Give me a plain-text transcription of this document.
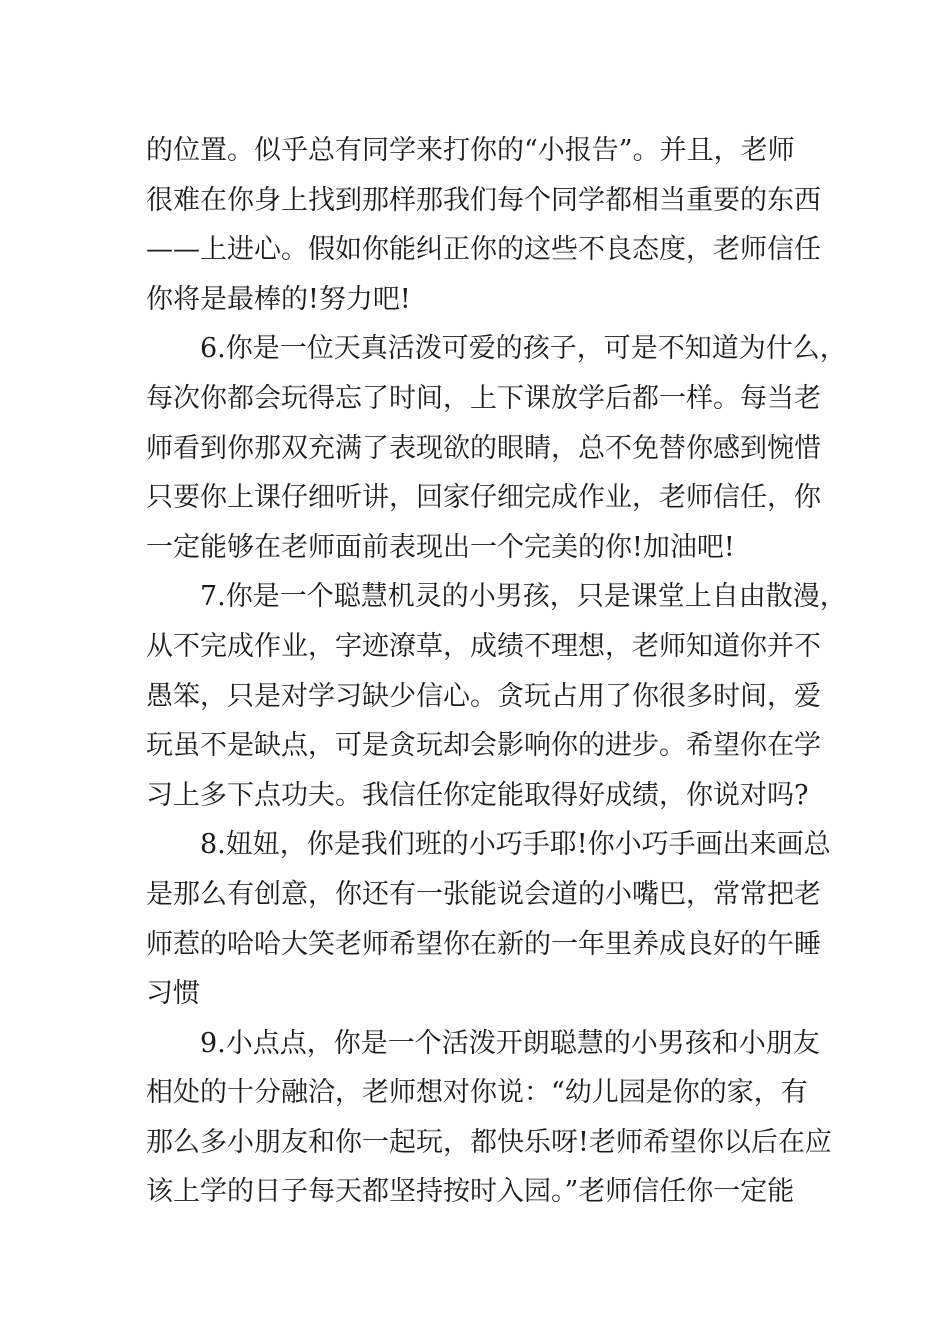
的位置。似乎总有同学来打你的“小报告”。并且，老师
很难在你身上找到那样那我们每个同学都相当重要的东西
——上进心。假如你能纠正你的这些不良态度，老师信任
你将是最棒的!努力吧!
6.你是一位天真活泼可爱的孩子，可是不知道为什么，
每次你都会玩得忘了时间，上下课放学后都一样。每当老
师看到你那双充满了表现欲的眼睛，总不免替你感到惋惜
只要你上课仔细听讲，回家仔细完成作业，老师信任，你
一定能够在老师面前表现出一个完美的你!加油吧!
7.你是一个聪慧机灵的小男孩，只是课堂上自由散漫，
从不完成作业，字迹潦草，成绩不理想，老师知道你并不
愚笨，只是对学习缺少信心。贪玩占用了你很多时间，爱
玩虽不是缺点，可是贪玩却会影响你的进步。希望你在学
习上多下点功夫。我信任你定能取得好成绩，你说对吗?
8.妞妞，你是我们班的小巧手耶!你小巧手画出来画总
是那么有创意，你还有一张能说会道的小嘴巴，常常把老
师惹的哈哈大笑老师希望你在新的一年里养成良好的午睡
习惯
9.小点点，你是一个活泼开朗聪慧的小男孩和小朋友
相处的十分融洽，老师想对你说：“幼儿园是你的家，有
那么多小朋友和你一起玩，都快乐呀!老师希望你以后在应
该上学的日子每天都坚持按时入园。”老师信任你一定能
